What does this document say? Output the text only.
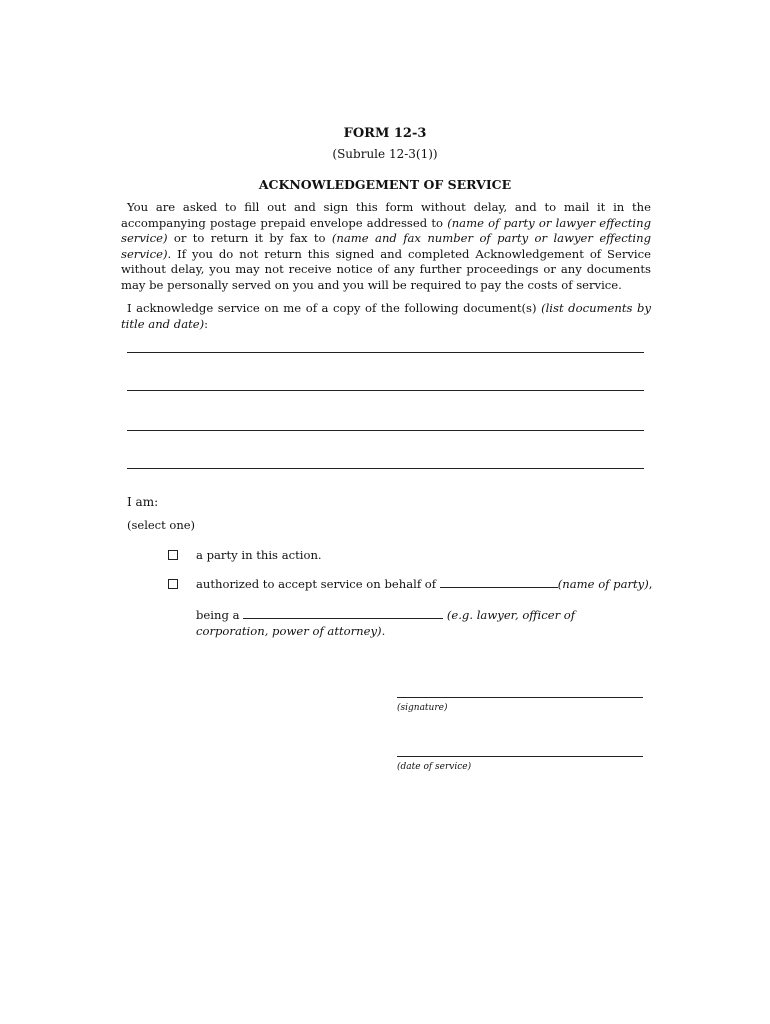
FORM 12-3
(Subrule 12-3(1))
ACKNOWLEDGEMENT OF SERVICE
You are asked to fill out and sign this form without delay, and to mail it in the accompanying postage prepaid envelope addressed to (name of party or lawyer effecting service) or to return it by fax to (name and fax number of party or lawyer effecting service). If you do not return this signed and completed Acknowledgement of Service without delay, you may not receive notice of any further proceedings or any documents may be personally served on you and you will be required to pay the costs of service.
I acknowledge service on me of a copy of the following document(s) (list documents by title and date):
I am:
(select one)
a party in this action.
authorized to accept service on behalf of	(name of party),
being a	(e.g. lawyer, officer of corporation, power of attorney).
(signature)
(date of service)
